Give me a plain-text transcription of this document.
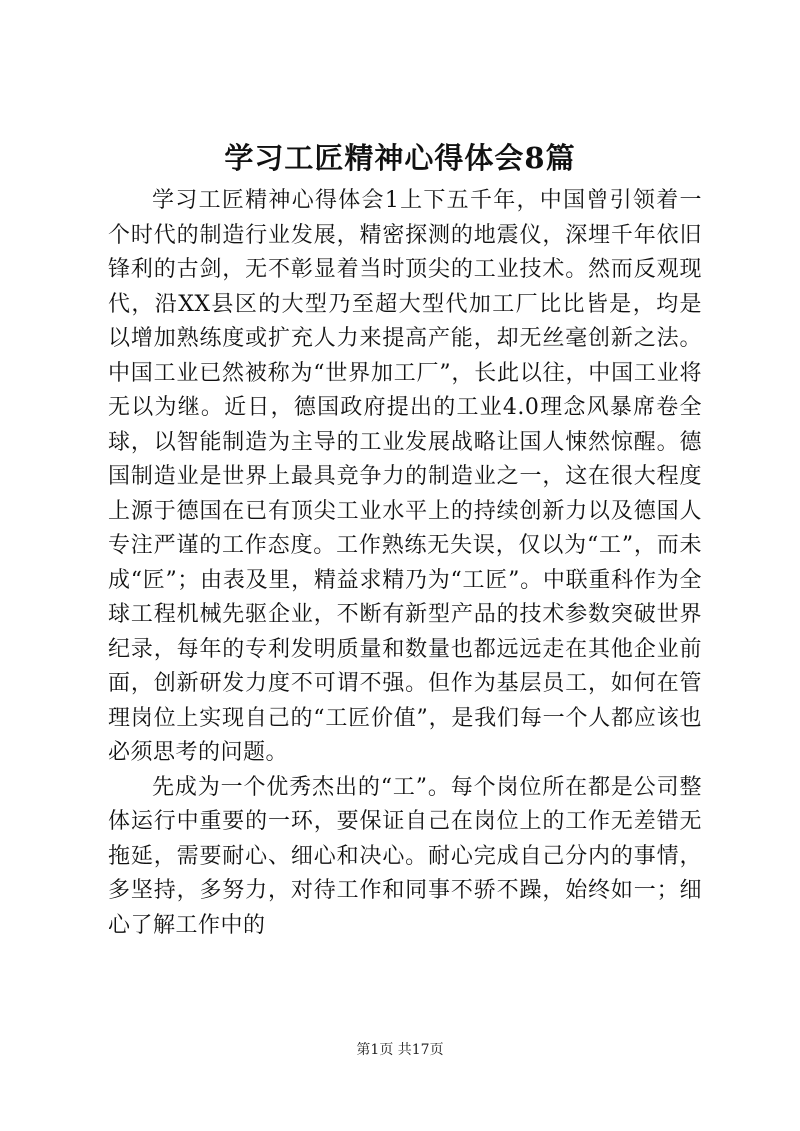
学习工匠精神心得体会8篇

学习工匠精神心得体会1上下五千年，中国曾引领着一个时代的制造行业发展，精密探测的地震仪，深埋千年依旧锋利的古剑，无不彰显着当时顶尖的工业技术。然而反观现代，沿XX县区的大型乃至超大型代加工厂比比皆是，均是以增加熟练度或扩充人力来提高产能，却无丝毫创新之法。中国工业已然被称为“世界加工厂”，长此以往，中国工业将无以为继。近日，德国政府提出的工业4.0理念风暴席卷全球，以智能制造为主导的工业发展战略让国人悚然惊醒。德国制造业是世界上最具竞争力的制造业之一，这在很大程度上源于德国在已有顶尖工业水平上的持续创新力以及德国人专注严谨的工作态度。工作熟练无失误，仅以为“工”，而未成“匠”；由表及里，精益求精乃为“工匠”。中联重科作为全球工程机械先驱企业，不断有新型产品的技术参数突破世界纪录，每年的专利发明质量和数量也都远远走在其他企业前面，创新研发力度不可谓不强。但作为基层员工，如何在管理岗位上实现自己的“工匠价值”，是我们每一个人都应该也必须思考的问题。

先成为一个优秀杰出的“工”。每个岗位所在都是公司整体运行中重要的一环，要保证自己在岗位上的工作无差错无拖延，需要耐心、细心和决心。耐心完成自己分内的事情，多坚持，多努力，对待工作和同事不骄不躁，始终如一；细心了解工作中的

第1页 共17页
